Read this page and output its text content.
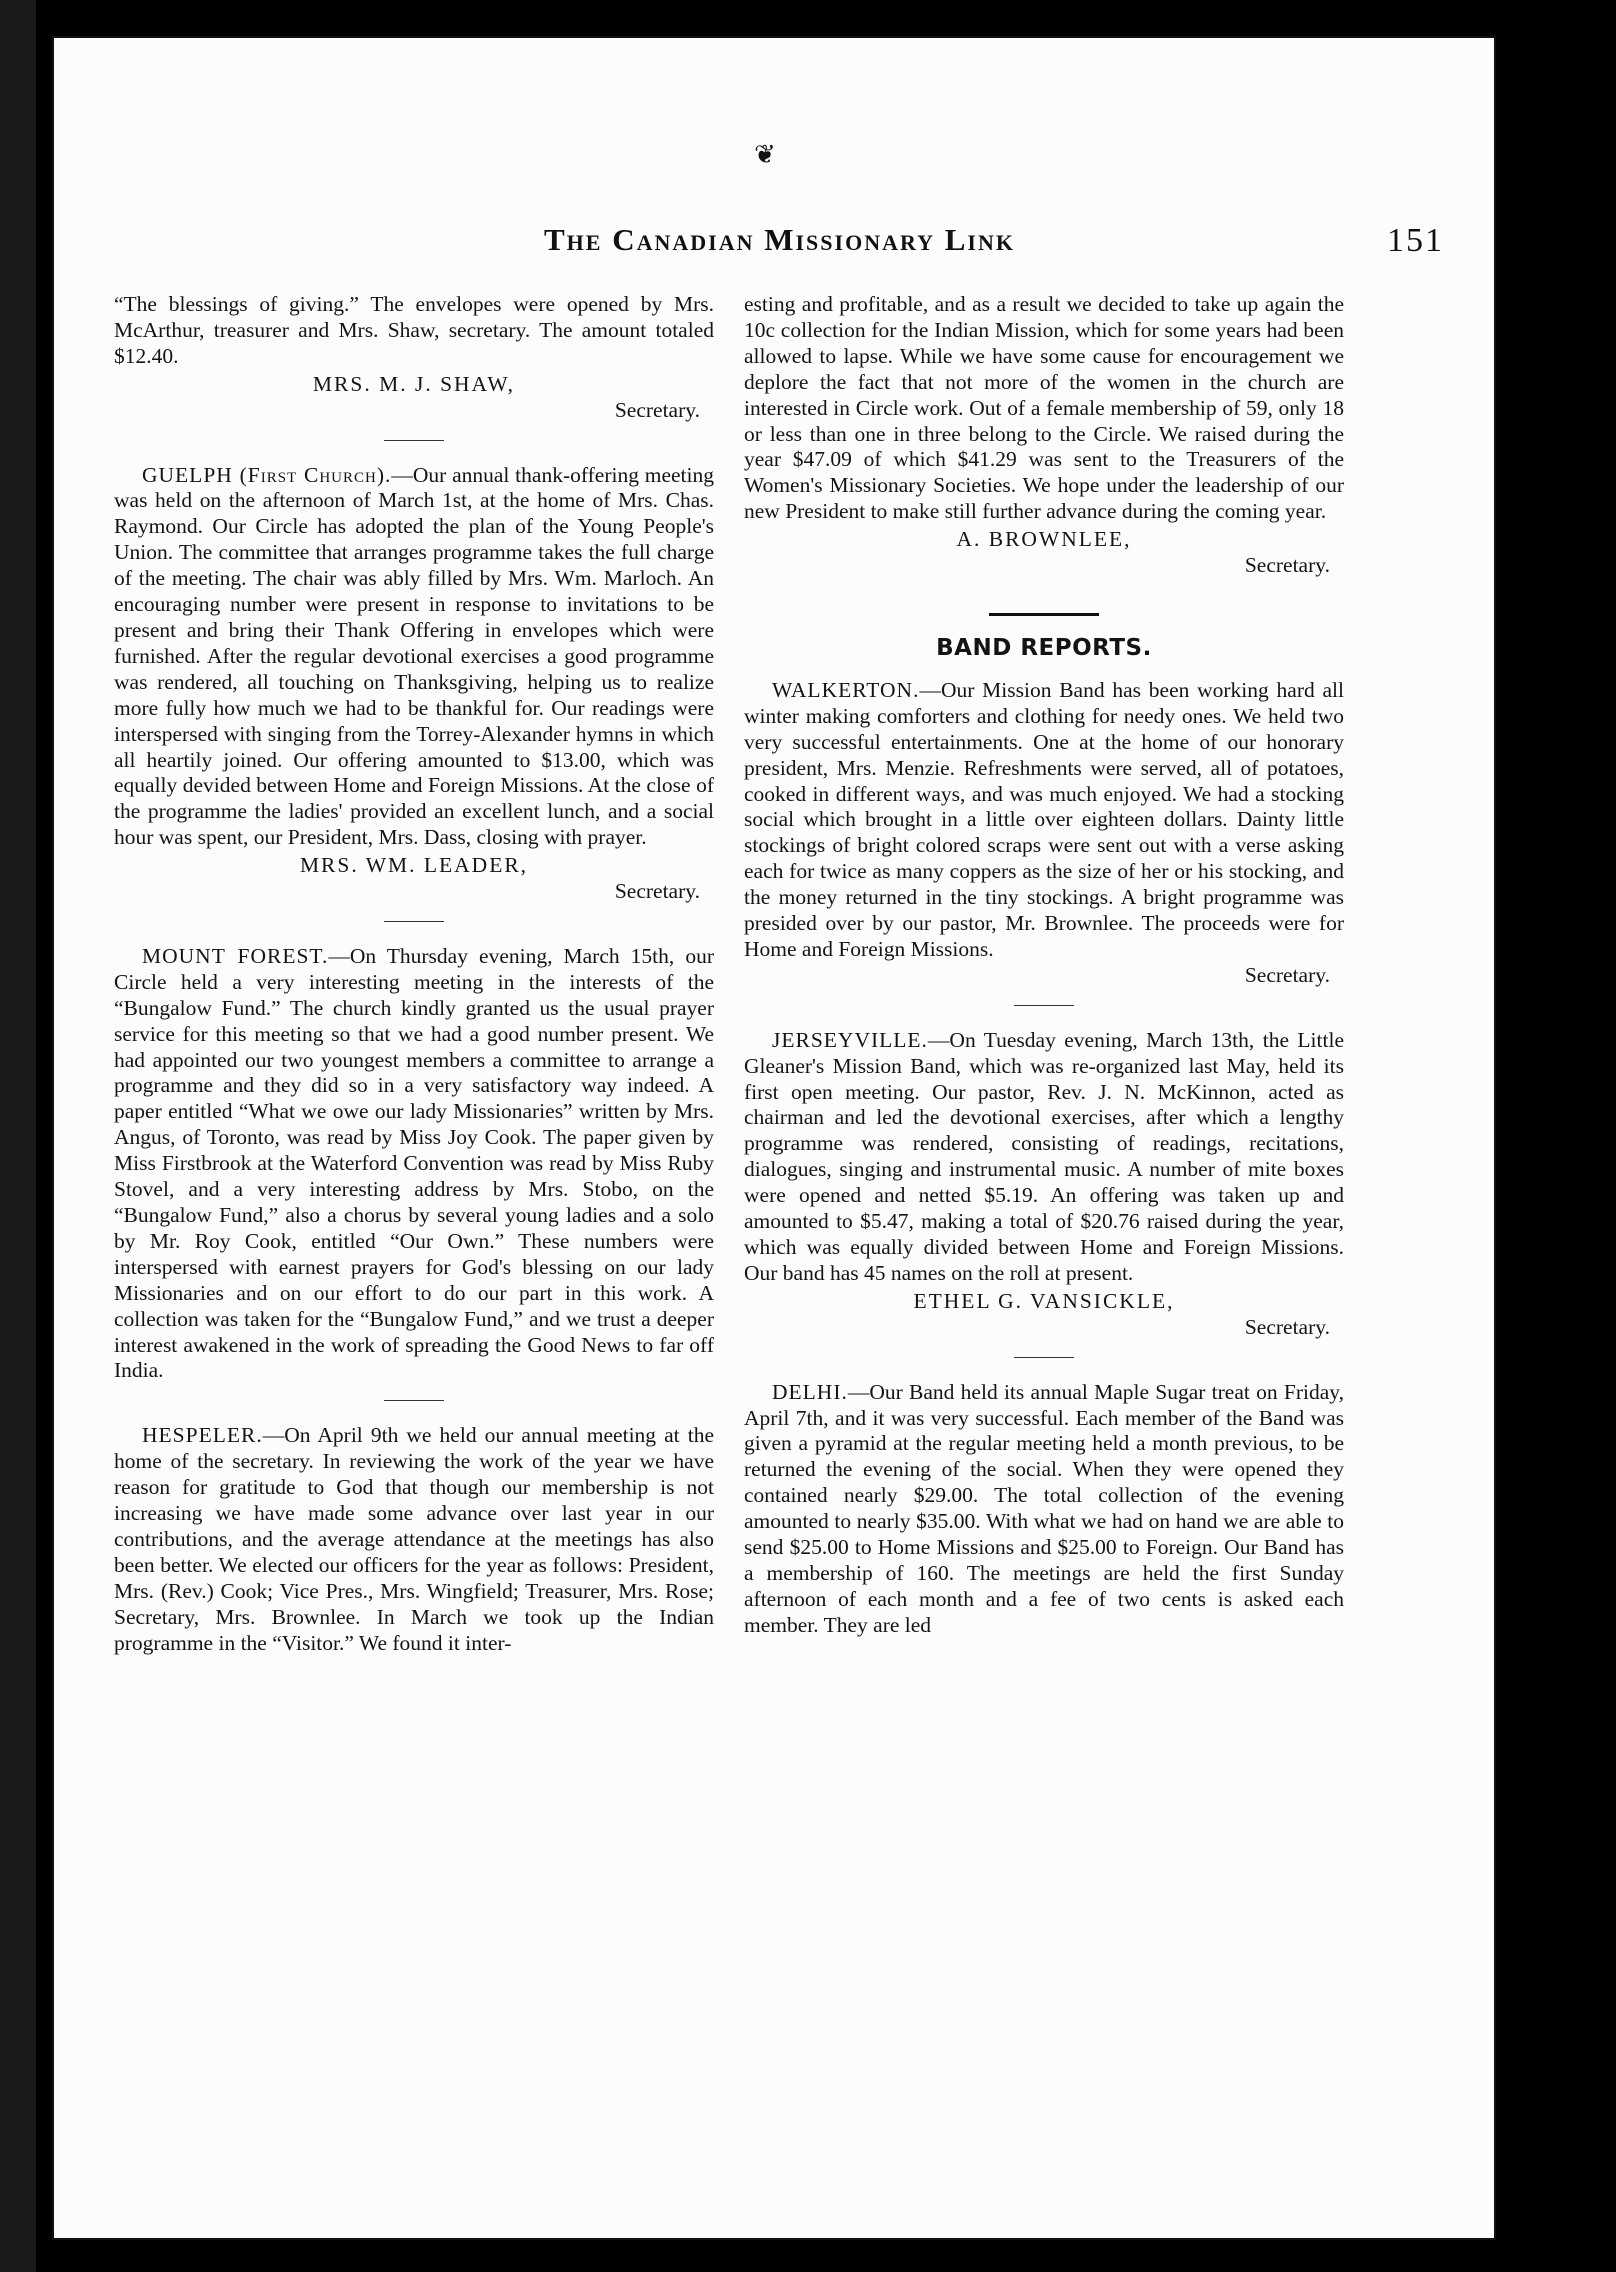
❦
The Canadian Missionary Link	151

“The blessings of giving.” The envelopes were opened by Mrs. McArthur, treasurer and Mrs. Shaw, secretary. The amount totaled $12.40.

MRS. M. J. SHAW,
Secretary.

GUELPH (First Church).—Our annual thank-offering meeting was held on the afternoon of March 1st, at the home of Mrs. Chas. Raymond. Our Circle has adopted the plan of the Young People's Union. The committee that arranges programme takes the full charge of the meeting. The chair was ably filled by Mrs. Wm. Marloch. An encouraging number were present in response to invitations to be present and bring their Thank Offering in envelopes which were furnished. After the regular devotional exercises a good programme was rendered, all touching on Thanksgiving, helping us to realize more fully how much we had to be thankful for. Our readings were interspersed with singing from the Torrey-Alexander hymns in which all heartily joined. Our offering amounted to $13.00, which was equally devided between Home and Foreign Missions. At the close of the programme the ladies' provided an excellent lunch, and a social hour was spent, our President, Mrs. Dass, closing with prayer.

MRS. WM. LEADER,
Secretary.

MOUNT FOREST.—On Thursday evening, March 15th, our Circle held a very interesting meeting in the interests of the “Bungalow Fund.” The church kindly granted us the usual prayer service for this meeting so that we had a good number present. We had appointed our two youngest members a committee to arrange a programme and they did so in a very satisfactory way indeed. A paper entitled “What we owe our lady Missionaries” written by Mrs. Angus, of Toronto, was read by Miss Joy Cook. The paper given by Miss Firstbrook at the Waterford Convention was read by Miss Ruby Stovel, and a very interesting address by Mrs. Stobo, on the “Bungalow Fund,” also a chorus by several young ladies and a solo by Mr. Roy Cook, entitled “Our Own.” These numbers were interspersed with earnest prayers for God's blessing on our lady Missionaries and on our effort to do our part in this work. A collection was taken for the “Bungalow Fund,” and we trust a deeper interest awakened in the work of spreading the Good News to far off India.

HESPELER.—On April 9th we held our annual meeting at the home of the secretary. In reviewing the work of the year we have reason for gratitude to God that though our membership is not increasing we have made some advance over last year in our contributions, and the average attendance at the meetings has also been better. We elected our officers for the year as follows: President, Mrs. (Rev.) Cook; Vice Pres., Mrs. Wingfield; Treasurer, Mrs. Rose; Secretary, Mrs. Brownlee. In March we took up the Indian programme in the “Visitor.” We found it inter-

esting and profitable, and as a result we decided to take up again the 10c collection for the Indian Mission, which for some years had been allowed to lapse. While we have some cause for encouragement we deplore the fact that not more of the women in the church are interested in Circle work. Out of a female membership of 59, only 18 or less than one in three belong to the Circle. We raised during the year $47.09 of which $41.29 was sent to the Treasurers of the Women's Missionary Societies. We hope under the leadership of our new President to make still further advance during the coming year.

A. BROWNLEE,
Secretary.
BAND REPORTS.

WALKERTON.—Our Mission Band has been working hard all winter making comforters and clothing for needy ones. We held two very successful entertainments. One at the home of our honorary president, Mrs. Menzie. Refreshments were served, all of potatoes, cooked in different ways, and was much enjoyed. We had a stocking social which brought in a little over eighteen dollars. Dainty little stockings of bright colored scraps were sent out with a verse asking each for twice as many coppers as the size of her or his stocking, and the money returned in the tiny stockings. A bright programme was presided over by our pastor, Mr. Brownlee. The proceeds were for Home and Foreign Missions.

Secretary.

JERSEYVILLE.—On Tuesday evening, March 13th, the Little Gleaner's Mission Band, which was re-organized last May, held its first open meeting. Our pastor, Rev. J. N. McKinnon, acted as chairman and led the devotional exercises, after which a lengthy programme was rendered, consisting of readings, recitations, dialogues, singing and instrumental music. A number of mite boxes were opened and netted $5.19. An offering was taken up and amounted to $5.47, making a total of $20.76 raised during the year, which was equally divided between Home and Foreign Missions. Our band has 45 names on the roll at present.

ETHEL G. VANSICKLE,
Secretary.

DELHI.—Our Band held its annual Maple Sugar treat on Friday, April 7th, and it was very successful. Each member of the Band was given a pyramid at the regular meeting held a month previous, to be returned the evening of the social. When they were opened they contained nearly $29.00. The total collection of the evening amounted to nearly $35.00. With what we had on hand we are able to send $25.00 to Home Missions and $25.00 to Foreign. Our Band has a membership of 160. The meetings are held the first Sunday afternoon of each month and a fee of two cents is asked each member. They are led
